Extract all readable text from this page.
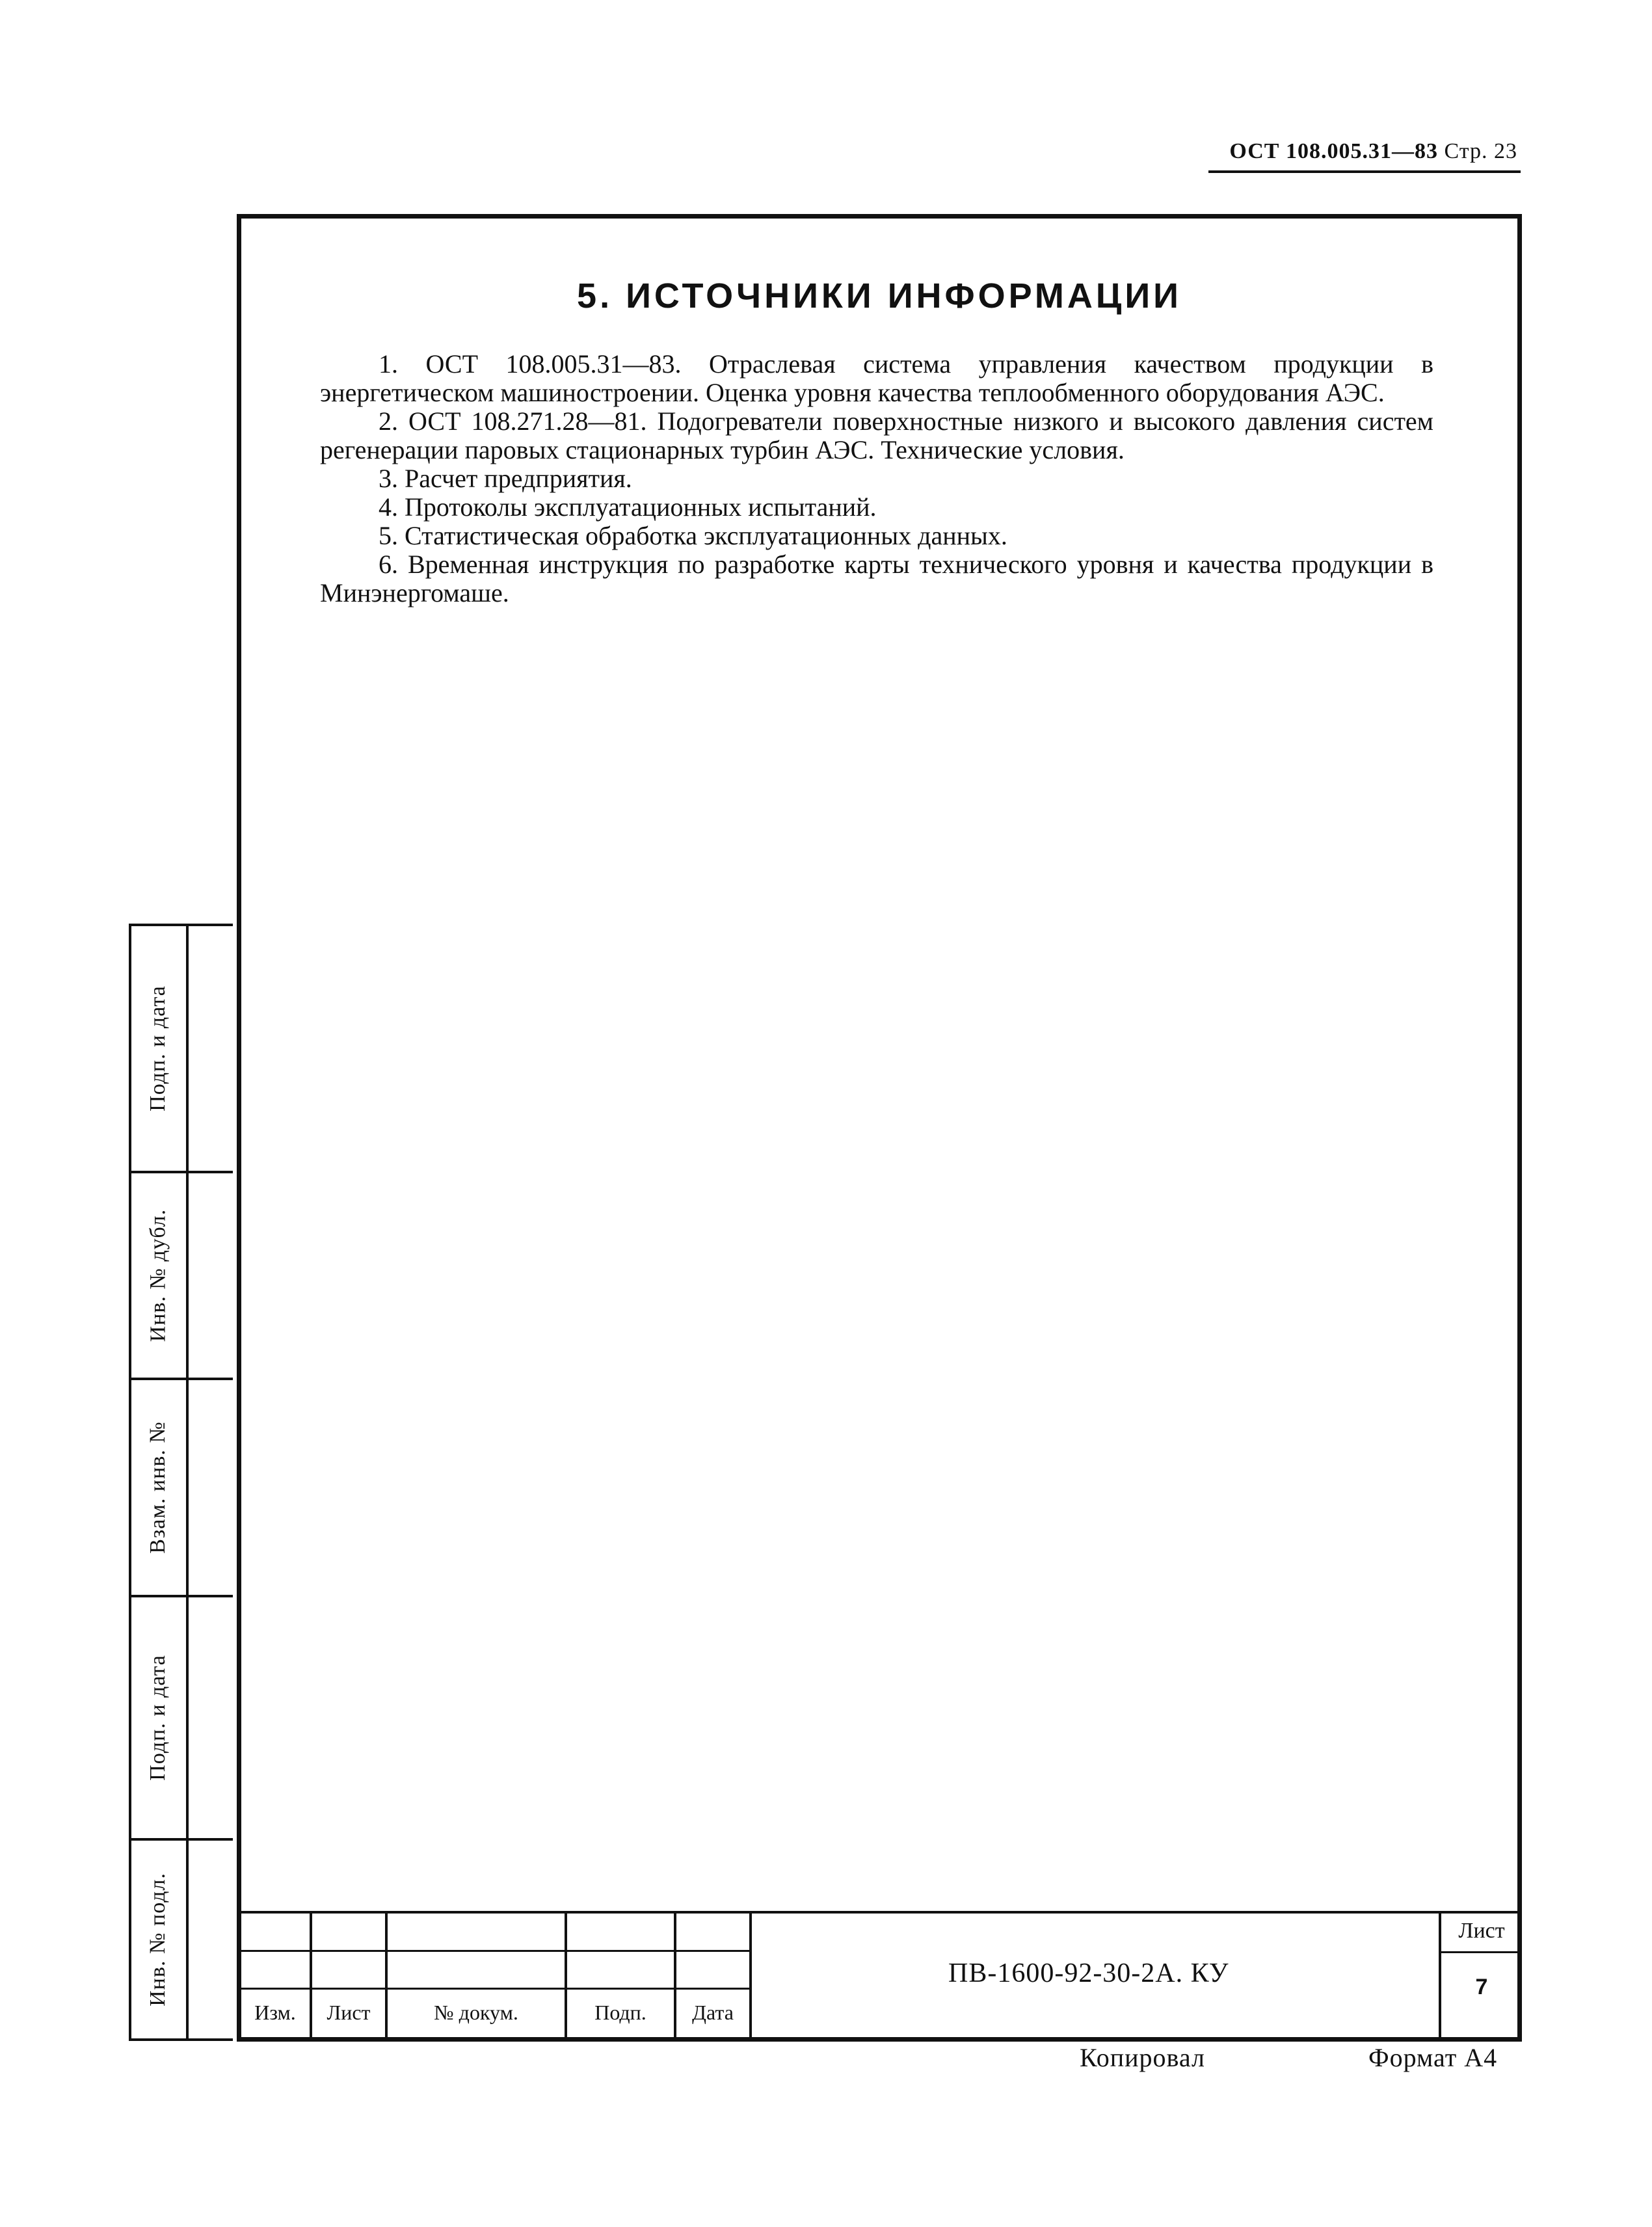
ОСТ 108.005.31—83 Стр. 23
5. ИСТОЧНИКИ ИНФОРМАЦИИ

1. ОСТ 108.005.31—83. Отраслевая система управления качеством продукции в энергетическом машиностроении. Оценка уровня качества теплообменного оборудования АЭС.

2. ОСТ 108.271.28—81. Подогреватели поверхностные низкого и высокого давления систем регенерации паровых стационарных турбин АЭС. Технические условия.

3. Расчет предприятия.

4. Протоколы эксплуатационных испытаний.

5. Статистическая обработка эксплуатационных данных.

6. Временная инструкция по разработке карты технического уровня и качества продукции в Минэнергомаше.

Подп. и дата
Инв. № дубл.
Взам. инв. №
Подп. и дата
Инв. № подл.
Изм.	Лист	№ докум.	Подп.	Дата
ПВ-1600-92-30-2А. КУ
Лист
7
Копировал	Формат А4
